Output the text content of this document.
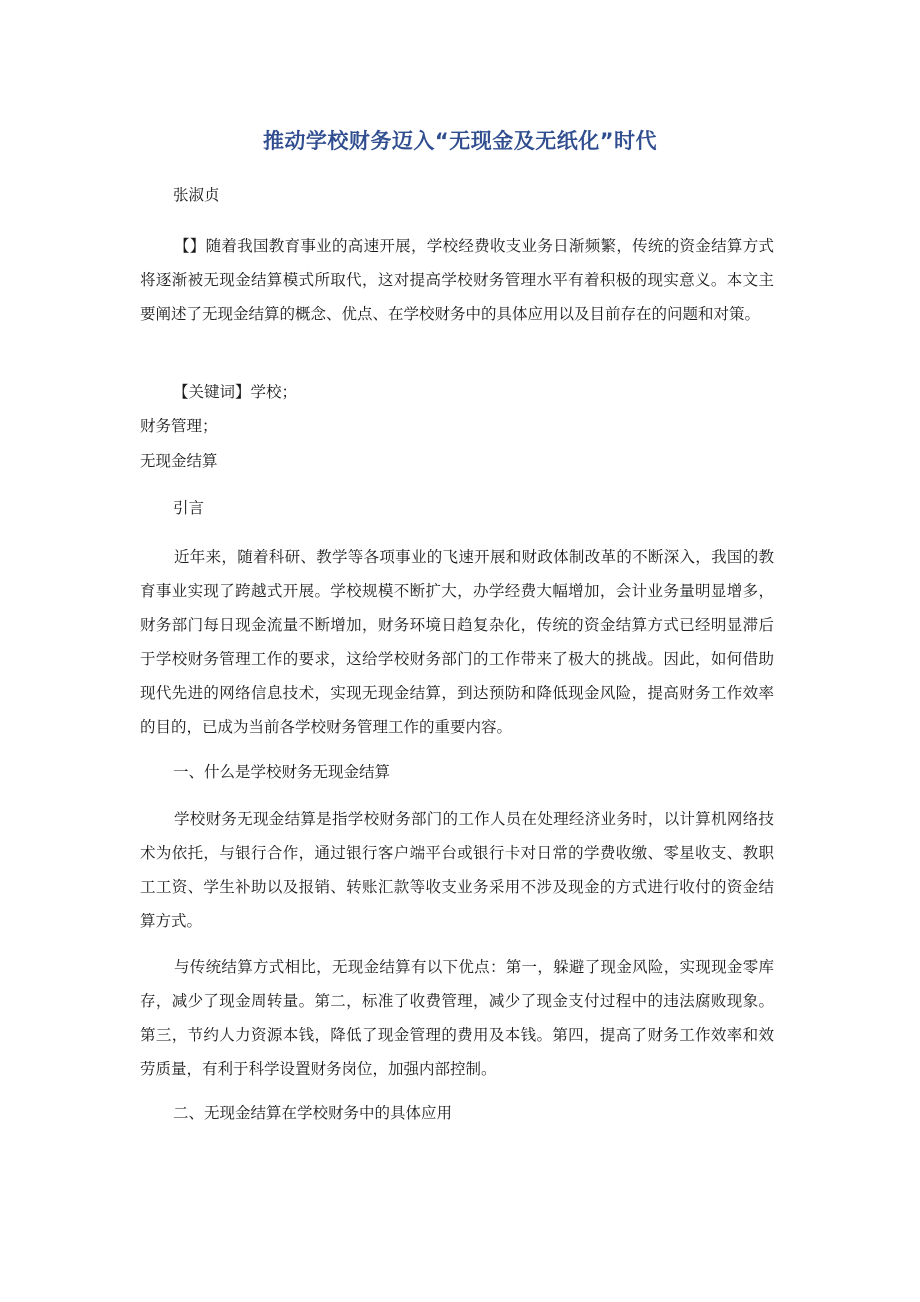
推动学校财务迈入“无现金及无纸化”时代
张淑贞
【】随着我国教育事业的高速开展，学校经费收支业务日渐频繁，传统的资金结算方式将逐渐被无现金结算模式所取代，这对提高学校财务管理水平有着积极的现实意义。本文主要阐述了无现金结算的概念、优点、在学校财务中的具体应用以及目前存在的问题和对策。
【关键词】学校；
财务管理；
无现金结算
引言
近年来，随着科研、教学等各项事业的飞速开展和财政体制改革的不断深入，我国的教育事业实现了跨越式开展。学校规模不断扩大，办学经费大幅增加，会计业务量明显增多，财务部门每日现金流量不断增加，财务环境日趋复杂化，传统的资金结算方式已经明显滞后于学校财务管理工作的要求，这给学校财务部门的工作带来了极大的挑战。因此，如何借助现代先进的网络信息技术，实现无现金结算，到达预防和降低现金风险，提高财务工作效率的目的，已成为当前各学校财务管理工作的重要内容。
一、什么是学校财务无现金结算
学校财务无现金结算是指学校财务部门的工作人员在处理经济业务时，以计算机网络技术为依托，与银行合作，通过银行客户端平台或银行卡对日常的学费收缴、零星收支、教职工工资、学生补助以及报销、转账汇款等收支业务采用不涉及现金的方式进行收付的资金结算方式。
与传统结算方式相比，无现金结算有以下优点：第一，躲避了现金风险，实现现金零库存，减少了现金周转量。第二，标准了收费管理，减少了现金支付过程中的违法腐败现象。第三，节约人力资源本钱，降低了现金管理的费用及本钱。第四，提高了财务工作效率和效劳质量，有利于科学设置财务岗位，加强内部控制。
二、无现金结算在学校财务中的具体应用
